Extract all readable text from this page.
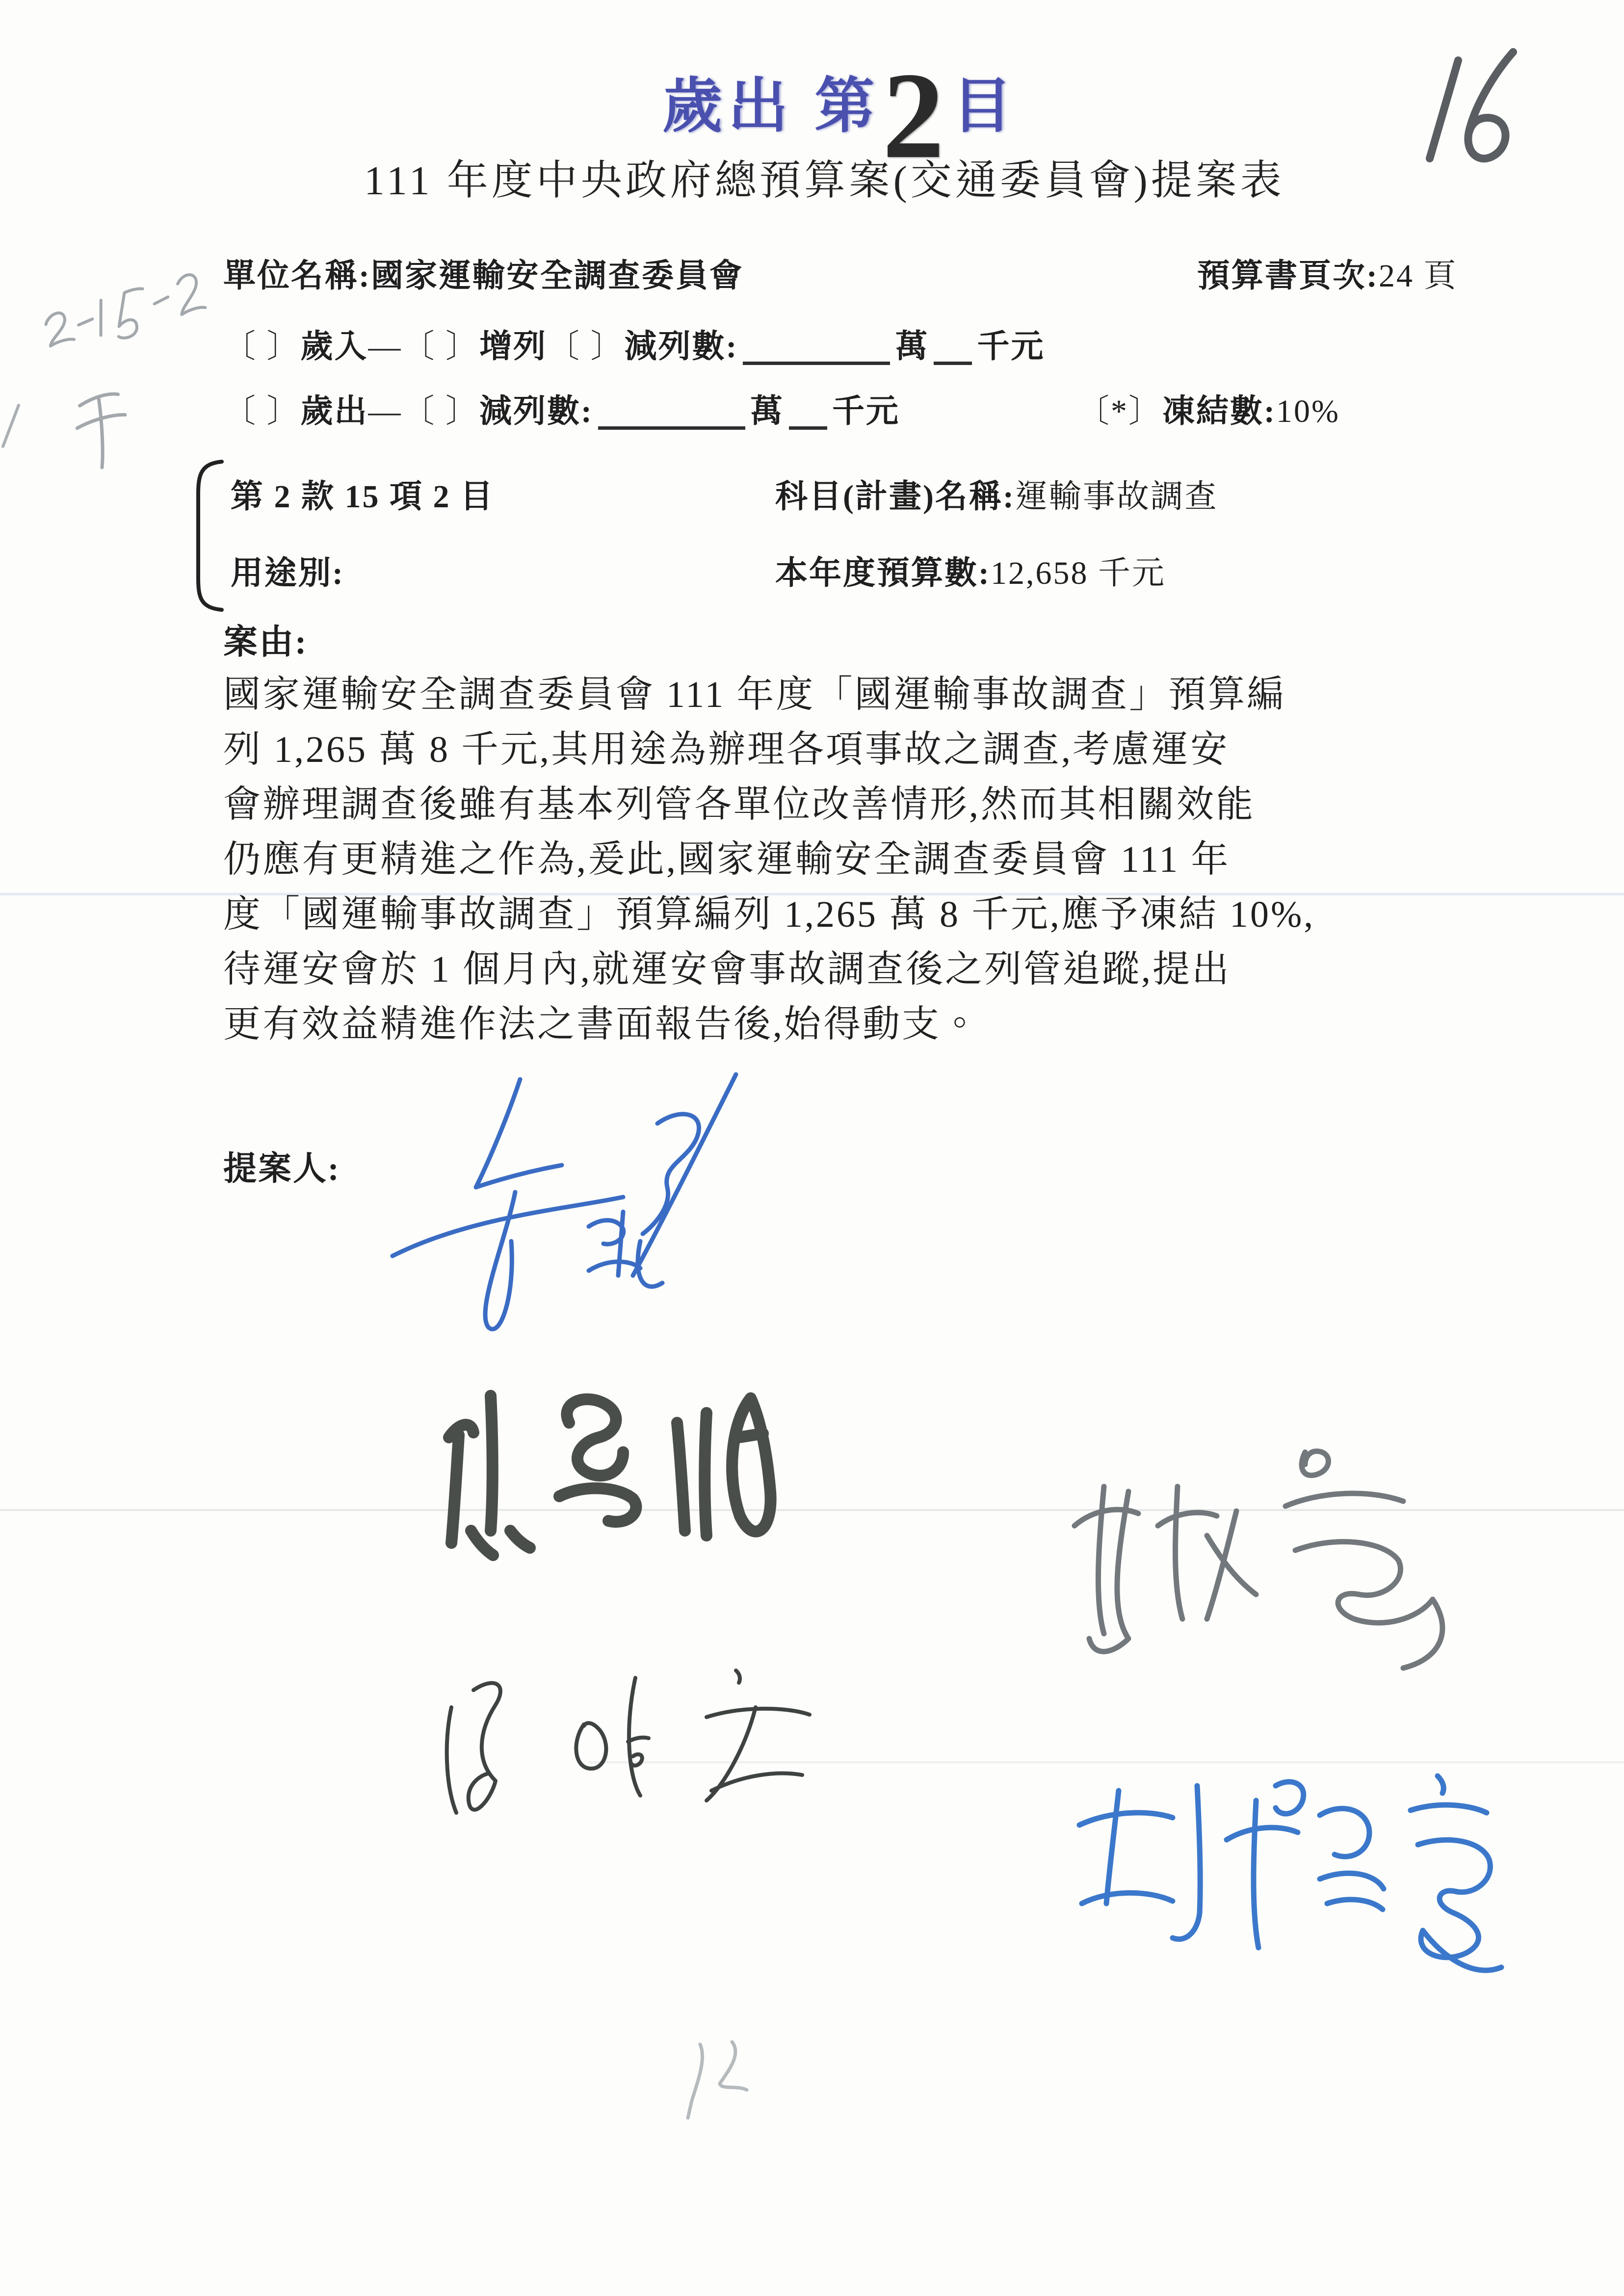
歲出 第2目
111 年度中央政府總預算案(交通委員會)提案表
單位名稱:國家運輸安全調查委員會	預算書頁次:24 頁
〔 〕歲入—〔 〕增列〔 〕減列數:	萬 千元
〔 〕歲出—〔 〕減列數:	萬 千元	〔*〕凍結數:10%
第 2 款 15 項 2 目	科目(計畫)名稱:運輸事故調查
用途別:	本年度預算數:12,658 千元
案由:
國家運輸安全調查委員會 111 年度「國運輸事故調查」預算編
列 1,265 萬 8 千元,其用途為辦理各項事故之調查,考慮運安
會辦理調查後雖有基本列管各單位改善情形,然而其相關效能
仍應有更精進之作為,爰此,國家運輸安全調查委員會 111 年
度「國運輸事故調查」預算編列 1,265 萬 8 千元,應予凍結 10%,
待運安會於 1 個月內,就運安會事故調查後之列管追蹤,提出
更有效益精進作法之書面報告後,始得動支。
提案人:
